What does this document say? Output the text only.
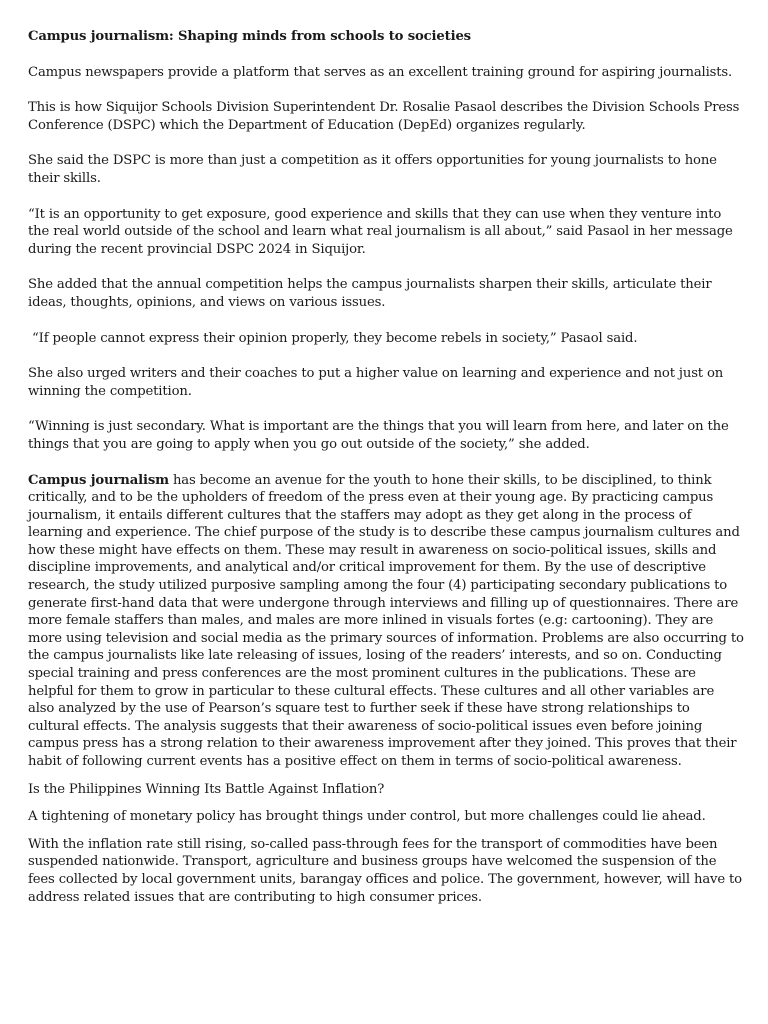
Campus journalism: Shaping minds from schools to societies

Campus newspapers provide a platform that serves as an excellent training ground for aspiring journalists.

This is how Siquijor Schools Division Superintendent Dr. Rosalie Pasaol describes the Division Schools Press Conference (DSPC) which the Department of Education (DepEd) organizes regularly.

She said the DSPC is more than just a competition as it offers opportunities for young journalists to hone their skills.

“It is an opportunity to get exposure, good experience and skills that they can use when they venture into the real world outside of the school and learn what real journalism is all about,” said Pasaol in her message during the recent provincial DSPC 2024 in Siquijor.

She added that the annual competition helps the campus journalists sharpen their skills, articulate their ideas, thoughts, opinions, and views on various issues.

“If people cannot express their opinion properly, they become rebels in society,” Pasaol said.

She also urged writers and their coaches to put a higher value on learning and experience and not just on winning the competition.

“Winning is just secondary. What is important are the things that you will learn from here, and later on the things that you are going to apply when you go out outside of the society,” she added.

Campus journalism has become an avenue for the youth to hone their skills, to be disciplined, to think critically, and to be the upholders of freedom of the press even at their young age. By practicing campus journalism, it entails different cultures that the staffers may adopt as they get along in the process of learning and experience. The chief purpose of the study is to describe these campus journalism cultures and how these might have effects on them. These may result in awareness on socio-political issues, skills and discipline improvements, and analytical and/or critical improvement for them. By the use of descriptive research, the study utilized purposive sampling among the four (4) participating secondary publications to generate first-hand data that were undergone through interviews and filling up of questionnaires. There are more female staffers than males, and males are more inlined in visuals fortes (e.g: cartooning). They are more using television and social media as the primary sources of information. Problems are also occurring to the campus journalists like late releasing of issues, losing of the readers’ interests, and so on. Conducting special training and press conferences are the most prominent cultures in the publications. These are helpful for them to grow in particular to these cultural effects. These cultures and all other variables are also analyzed by the use of Pearson’s square test to further seek if these have strong relationships to cultural effects. The analysis suggests that their awareness of socio-political issues even before joining campus press has a strong relation to their awareness improvement after they joined. This proves that their habit of following current events has a positive effect on them in terms of socio-political awareness.

Is the Philippines Winning Its Battle Against Inflation?

A tightening of monetary policy has brought things under control, but more challenges could lie ahead.

With the inflation rate still rising, so-called pass-through fees for the transport of commodities have been suspended nationwide. Transport, agriculture and business groups have welcomed the suspension of the fees collected by local government units, barangay offices and police. The government, however, will have to address related issues that are contributing to high consumer prices.
